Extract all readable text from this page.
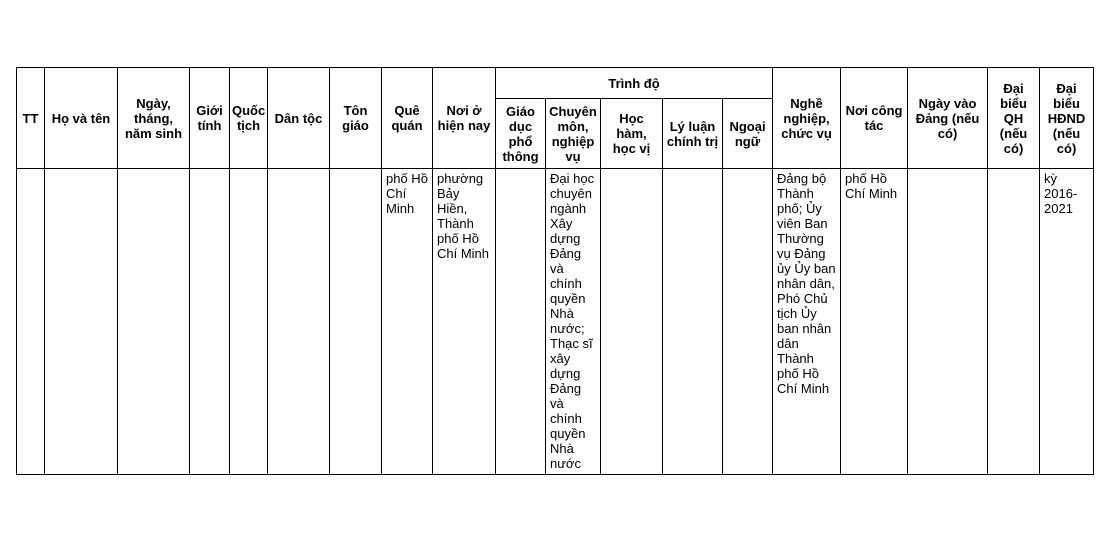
TT	Họ và tên	Ngày, tháng, năm sinh	Giới tính	Quốc tịch	Dân tộc	Tôn giáo	Quê quán	Nơi ở hiện nay	Trình độ					Nghề nghiệp, chức vụ	Nơi công tác	Ngày vào Đảng (nếu có)	Đại biểu QH (nếu có)	Đại biểu HĐND (nếu có)
									Giáo dục phổ thông	Chuyên môn, nghiệp vụ	Học hàm, học vị	Lý luận chính trị	Ngoại ngữ					

							phố Hồ Chí Minh	phường Bảy Hiền, Thành phố Hồ Chí Minh		Đại học chuyên ngành Xây dựng Đảng và chính quyền Nhà nước; Thạc sĩ xây dựng Đảng và chính quyền Nhà nước				Đảng bộ Thành phố; Ủy viên Ban Thường vụ Đảng ủy Ủy ban nhân dân, Phó Chủ tịch Ủy ban nhân dân Thành phố Hồ Chí Minh	phố Hồ Chí Minh			kỳ 2016-2021
